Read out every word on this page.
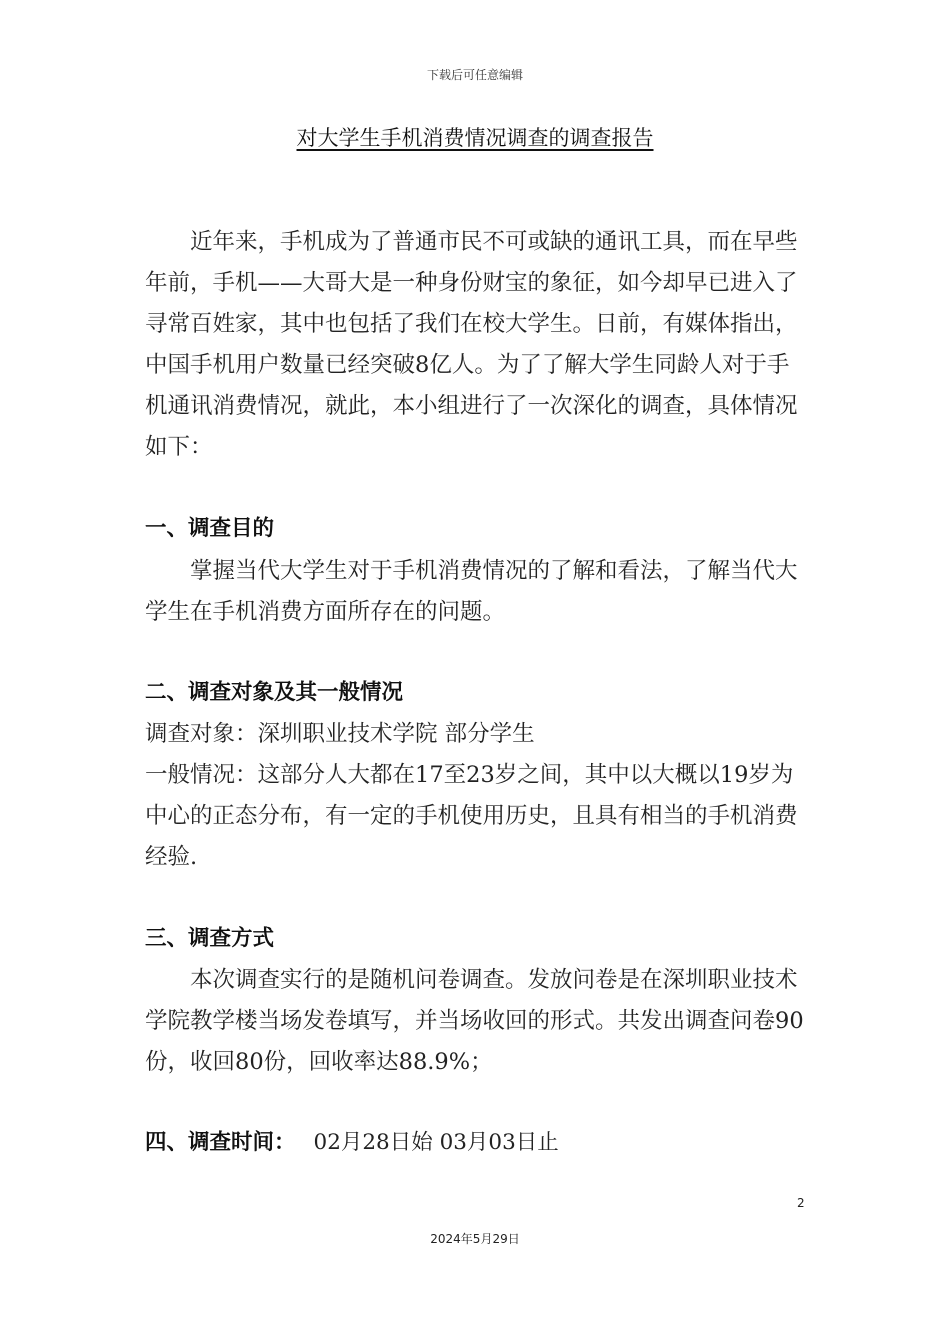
下载后可任意编辑
对大学生手机消费情况调查的调查报告

近年来，手机成为了普通市民不可或缺的通讯工具，而在早些年前，手机——大哥大是一种身份财宝的象征，如今却早已进入了寻常百姓家，其中也包括了我们在校大学生。日前，有媒体指出，中国手机用户数量已经突破8亿人。为了了解大学生同龄人对于手机通讯消费情况，就此，本小组进行了一次深化的调查，具体情况如下：

一、调查目的

掌握当代大学生对于手机消费情况的了解和看法，了解当代大学生在手机消费方面所存在的问题。

二、调查对象及其一般情况

调查对象：深圳职业技术学院 部分学生

一般情况：这部分人大都在17至23岁之间，其中以大概以19岁为中心的正态分布，有一定的手机使用历史，且具有相当的手机消费经验.

三、调查方式

本次调查实行的是随机问卷调查。发放问卷是在深圳职业技术学院教学楼当场发卷填写，并当场收回的形式。共发出调查问卷90份，收回80份，回收率达88.9%；

四、调查时间： 02月28日始 03月03日止
2
2024年5月29日
